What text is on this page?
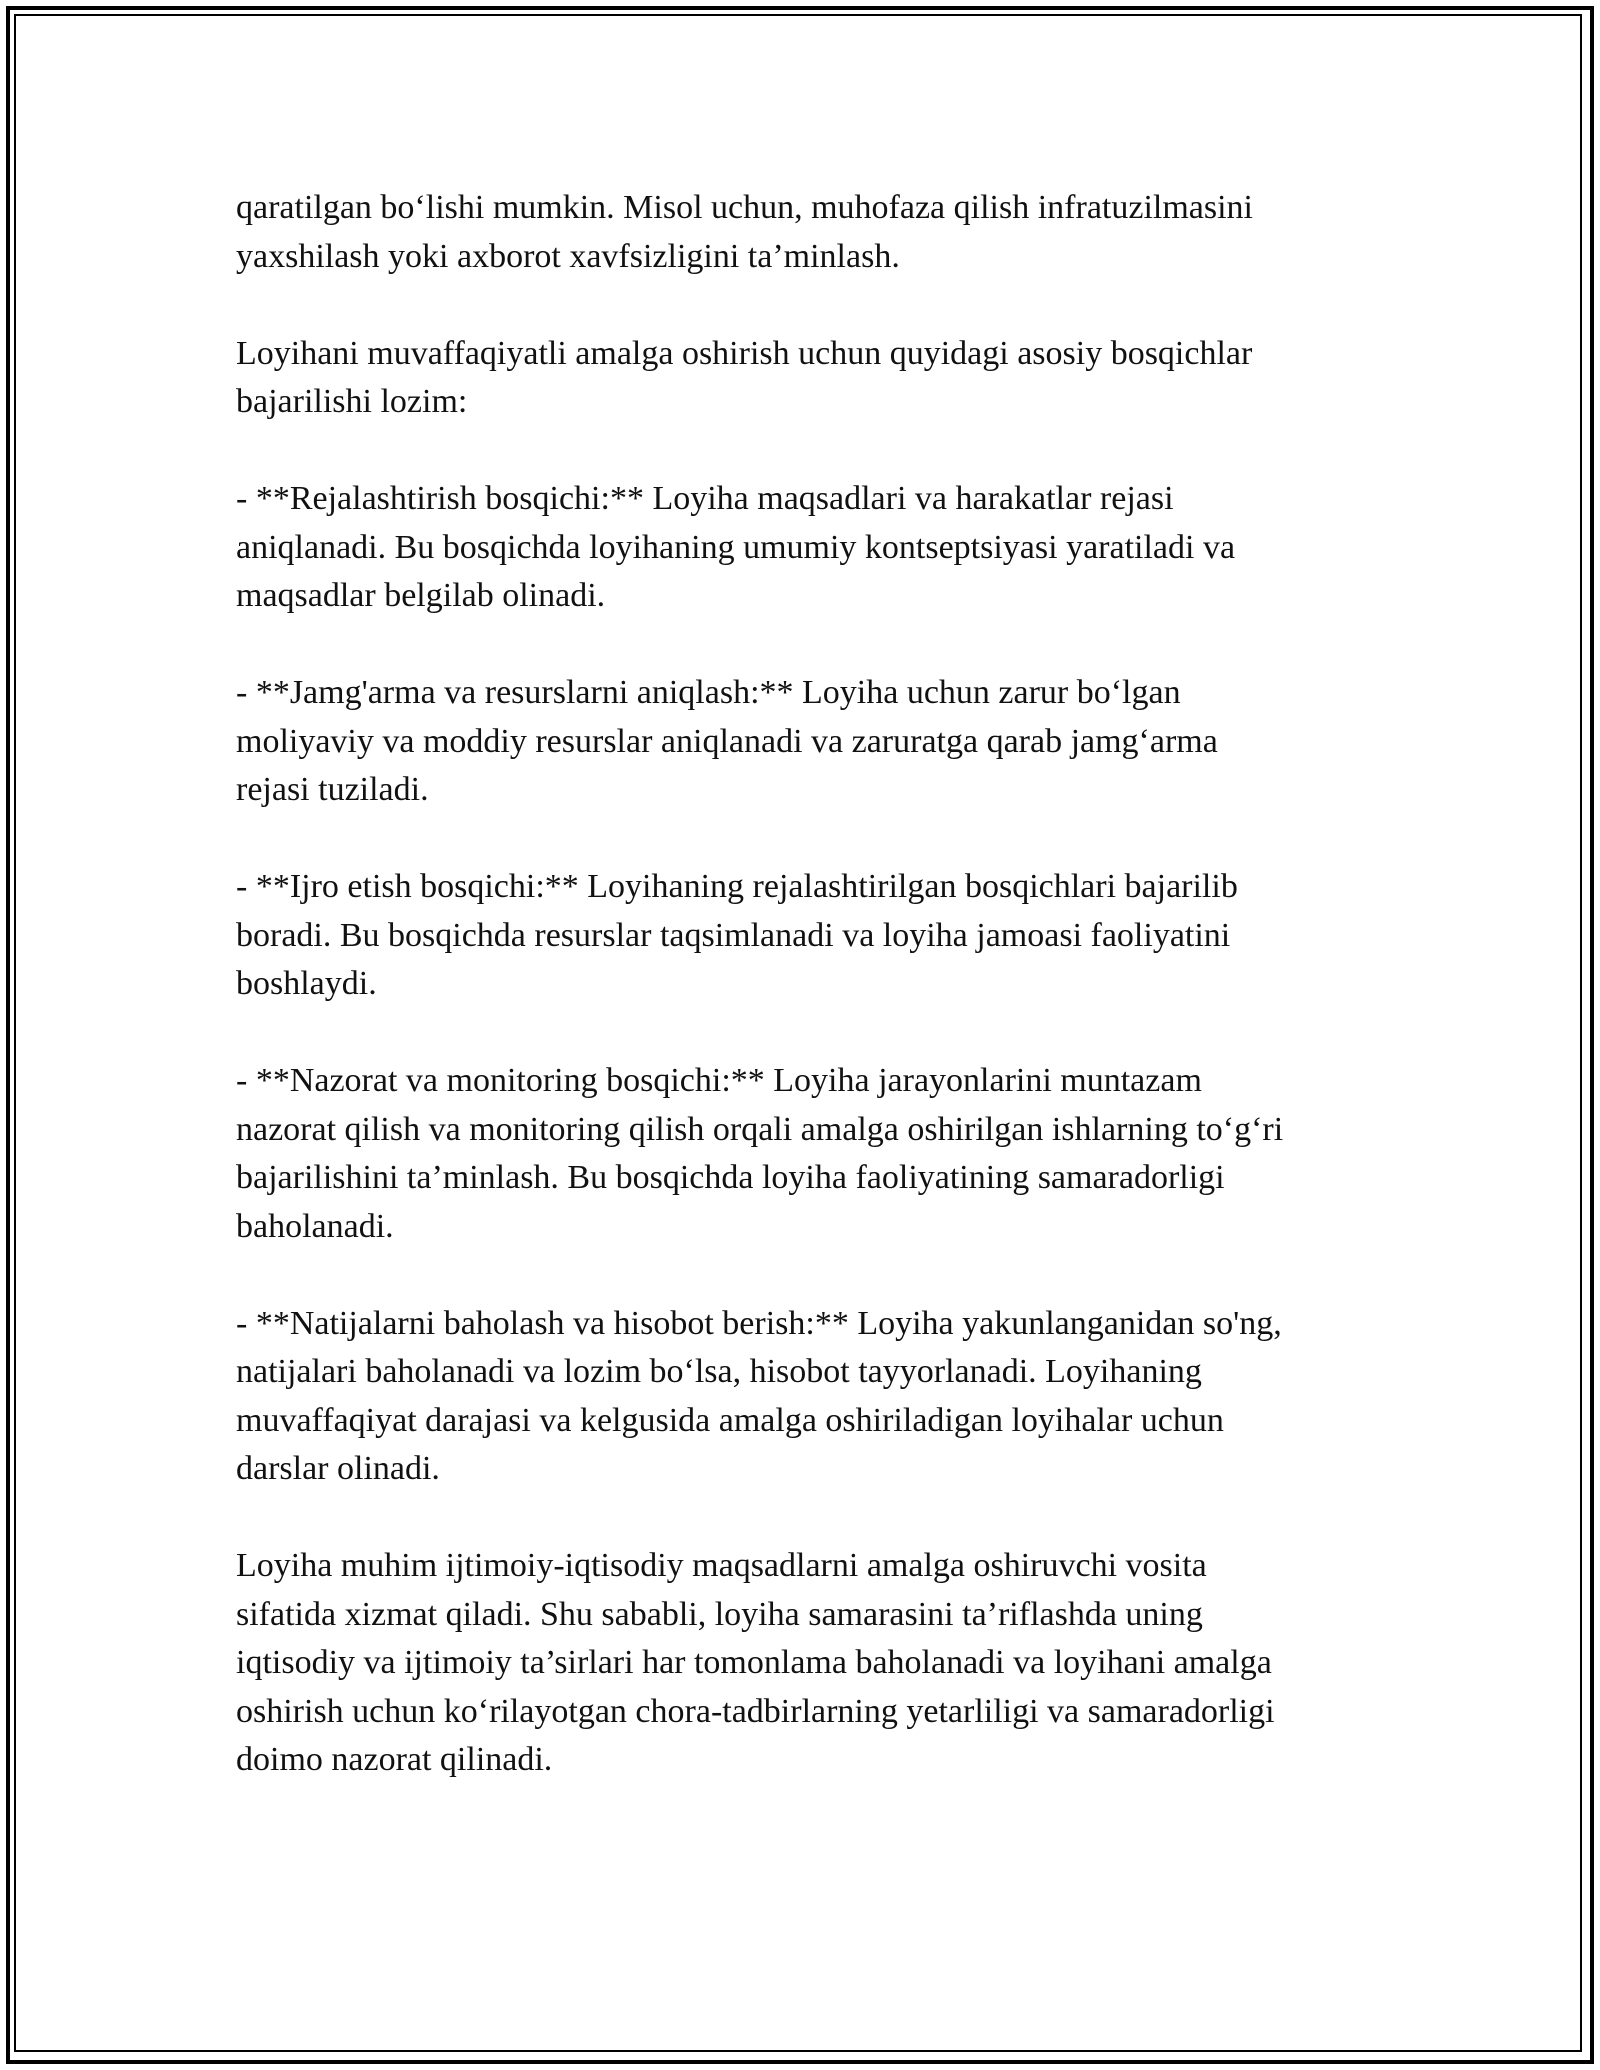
qaratilgan bo‘lishi mumkin. Misol uchun, muhofaza qilish infratuzilmasini
yaxshilash yoki axborot xavfsizligini ta’minlash.

Loyihani muvaffaqiyatli amalga oshirish uchun quyidagi asosiy bosqichlar
bajarilishi lozim:

- **Rejalashtirish bosqichi:** Loyiha maqsadlari va harakatlar rejasi
aniqlanadi. Bu bosqichda loyihaning umumiy kontseptsiyasi yaratiladi va
maqsadlar belgilab olinadi.

- **Jamg'arma va resurslarni aniqlash:** Loyiha uchun zarur bo‘lgan
moliyaviy va moddiy resurslar aniqlanadi va zaruratga qarab jamg‘arma
rejasi tuziladi.

- **Ijro etish bosqichi:** Loyihaning rejalashtirilgan bosqichlari bajarilib
boradi. Bu bosqichda resurslar taqsimlanadi va loyiha jamoasi faoliyatini
boshlaydi.

- **Nazorat va monitoring bosqichi:** Loyiha jarayonlarini muntazam
nazorat qilish va monitoring qilish orqali amalga oshirilgan ishlarning to‘g‘ri
bajarilishini ta’minlash. Bu bosqichda loyiha faoliyatining samaradorligi
baholanadi.

- **Natijalarni baholash va hisobot berish:** Loyiha yakunlanganidan so'ng,
natijalari baholanadi va lozim bo‘lsa, hisobot tayyorlanadi. Loyihaning
muvaffaqiyat darajasi va kelgusida amalga oshiriladigan loyihalar uchun
darslar olinadi.

Loyiha muhim ijtimoiy-iqtisodiy maqsadlarni amalga oshiruvchi vosita
sifatida xizmat qiladi. Shu sababli, loyiha samarasini ta’riflashda uning
iqtisodiy va ijtimoiy ta’sirlari har tomonlama baholanadi va loyihani amalga
oshirish uchun ko‘rilayotgan chora-tadbirlarning yetarliligi va samaradorligi
doimo nazorat qilinadi.
